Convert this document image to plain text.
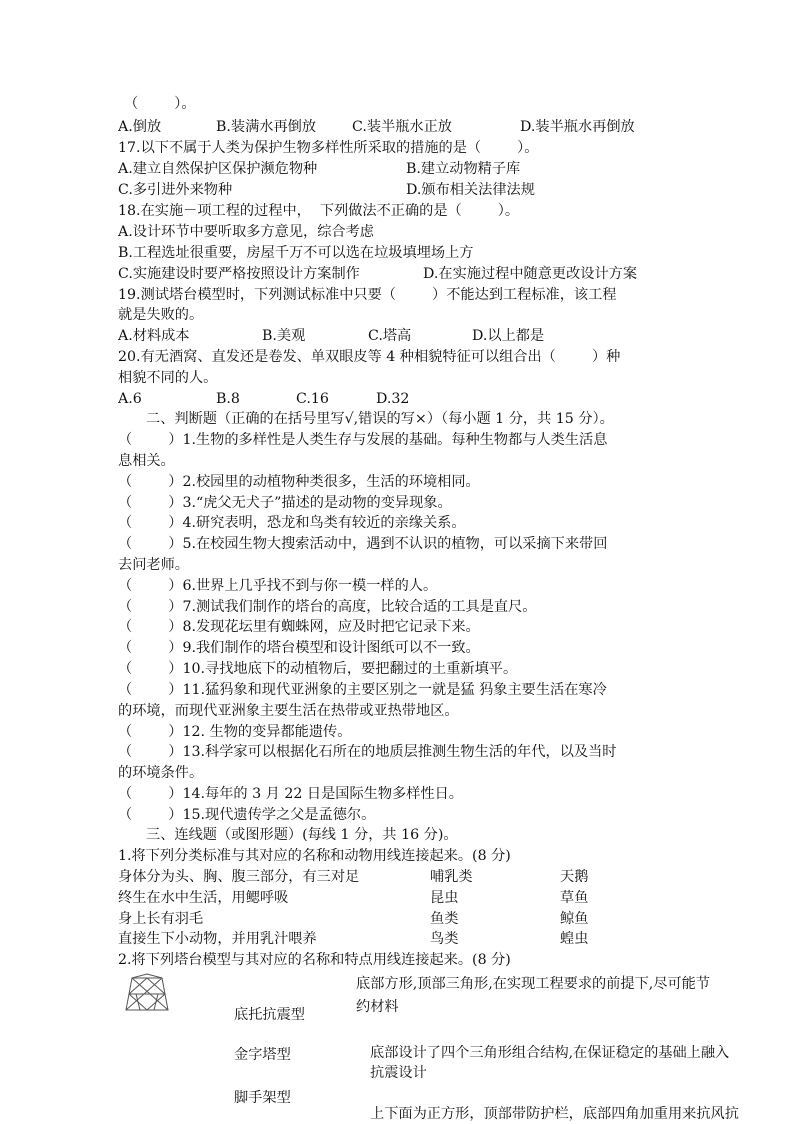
（        ）。
A.倒放	B.装满水再倒放	C.装半瓶水正放	D.装半瓶水再倒放
17.以下不属于人类为保护生物多样性所采取的措施的是（        ）。
A.建立自然保护区保护濒危物种	B.建立动物精子库
C.多引进外来物种	D.颁布相关法律法规
18.在实施－项工程的过程中，  下列做法不正确的是（        ）。
A.设计环节中要听取多方意见，综合考虑
B.工程选址很重要，房屋千万不可以选在垃圾填埋场上方
C.实施建设时要严格按照设计方案制作	D.在实施过程中随意更改设计方案
19.测试塔台模型时，下列测试标准中只要（        ）不能达到工程标准，该工程
就是失败的。
A.材料成本	B.美观	C.塔高	D.以上都是
20.有无酒窝、直发还是卷发、单双眼皮等 4 种相貌特征可以组合出（        ）种
相貌不同的人。
A.6	B.8	C.16	D.32
二、判断题（正确的在括号里写√,错误的写×）（每小题 1 分，共 15 分）。
（        ）1.生物的多样性是人类生存与发展的基础。每种生物都与人类生活息
息相关。
（        ）2.校园里的动植物种类很多，生活的环境相同。
（        ）3.“虎父无犬子”描述的是动物的变异现象。
（        ）4.研究表明，恐龙和鸟类有较近的亲缘关系。
（        ）5.在校园生物大搜索活动中，遇到不认识的植物，可以采摘下来带回
去问老师。
（        ）6.世界上几乎找不到与你一模一样的人。
（        ）7.测试我们制作的塔台的高度，比较合适的工具是直尺。
（        ）8.发现花坛里有蜘蛛网，应及时把它记录下来。
（        ）9.我们制作的塔台模型和设计图纸可以不一致。
（        ）10.寻找地底下的动植物后，要把翻过的土重新填平。
（        ）11.猛犸象和现代亚洲象的主要区别之一就是猛 犸象主要生活在寒冷
的环境，而现代亚洲象主要生活在热带或亚热带地区。
（        ）12. 生物的变异都能遗传。
（        ）13.科学家可以根据化石所在的地质层推测生物生活的年代，以及当时
的环境条件。
（        ）14.每年的 3 月 22 日是国际生物多样性日。
（        ）15.现代遗传学之父是孟德尔。
三、连线题（或图形题）(每线 1 分，共 16 分)。
1.将下列分类标准与其对应的名称和动物用线连接起来。(8 分)
身体分为头、胸、腹三部分，有三对足	哺乳类	天鹅
终生在水中生活，用鳃呼吸	昆虫	草鱼
身上长有羽毛	鱼类	鲸鱼
直接生下小动物，并用乳汁喂养	鸟类	蝗虫
2.将下列塔台模型与其对应的名称和特点用线连接起来。(8 分)
底部方形,顶部三角形,在实现工程要求的前提下,尽可能节
约材料
底托抗震型
金字塔型	底部设计了四个三角形组合结构,在保证稳定的基础上融入
抗震设计
脚手架型
上下面为正方形，顶部带防护栏，底部四角加重用来抗风抗
